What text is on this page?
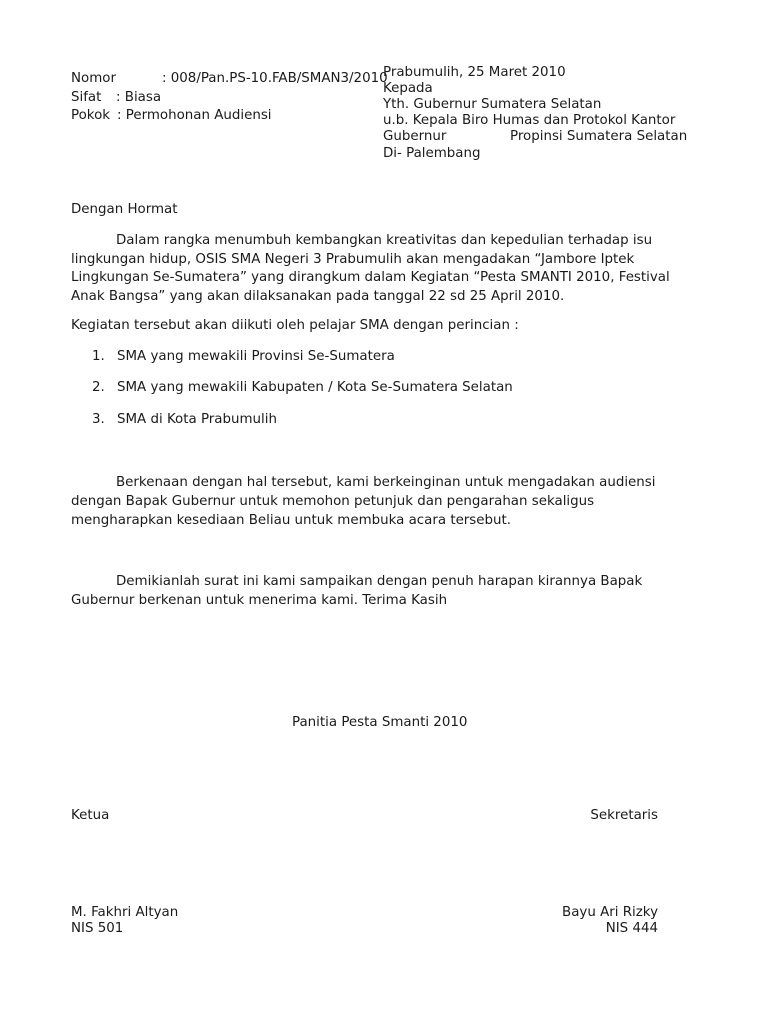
Nomor	: 008/Pan.PS-10.FAB/SMAN3/2010
Sifat : Biasa
Pokok : Permohonan Audiensi
Prabumulih, 25 Maret 2010
Kepada
Yth. Gubernur Sumatera Selatan
u.b. Kepala Biro Humas dan Protokol Kantor
Gubernur	Propinsi Sumatera Selatan
Di- Palembang
Dengan Hormat

Dalam rangka menumbuh kembangkan kreativitas dan kepedulian terhadap isu lingkungan hidup, OSIS SMA Negeri 3 Prabumulih akan mengadakan “Jambore Iptek Lingkungan Se-Sumatera” yang dirangkum dalam Kegiatan “Pesta SMANTI 2010, Festival Anak Bangsa” yang akan dilaksanakan pada tanggal 22 sd 25 April 2010.

Kegiatan tersebut akan diikuti oleh pelajar SMA dengan perincian :
1. SMA yang mewakili Provinsi Se-Sumatera
2. SMA yang mewakili Kabupaten / Kota Se-Sumatera Selatan
3. SMA di Kota Prabumulih

Berkenaan dengan hal tersebut, kami berkeinginan untuk mengadakan audiensi dengan Bapak Gubernur untuk memohon petunjuk dan pengarahan sekaligus mengharapkan kesediaan Beliau untuk membuka acara tersebut.

Demikianlah surat ini kami sampaikan dengan penuh harapan kirannya Bapak Gubernur berkenan untuk menerima kami. Terima Kasih

Panitia Pesta Smanti 2010
Ketua	Sekretaris
M. Fakhri Altyan
NIS 501
Bayu Ari Rizky
NIS 444
